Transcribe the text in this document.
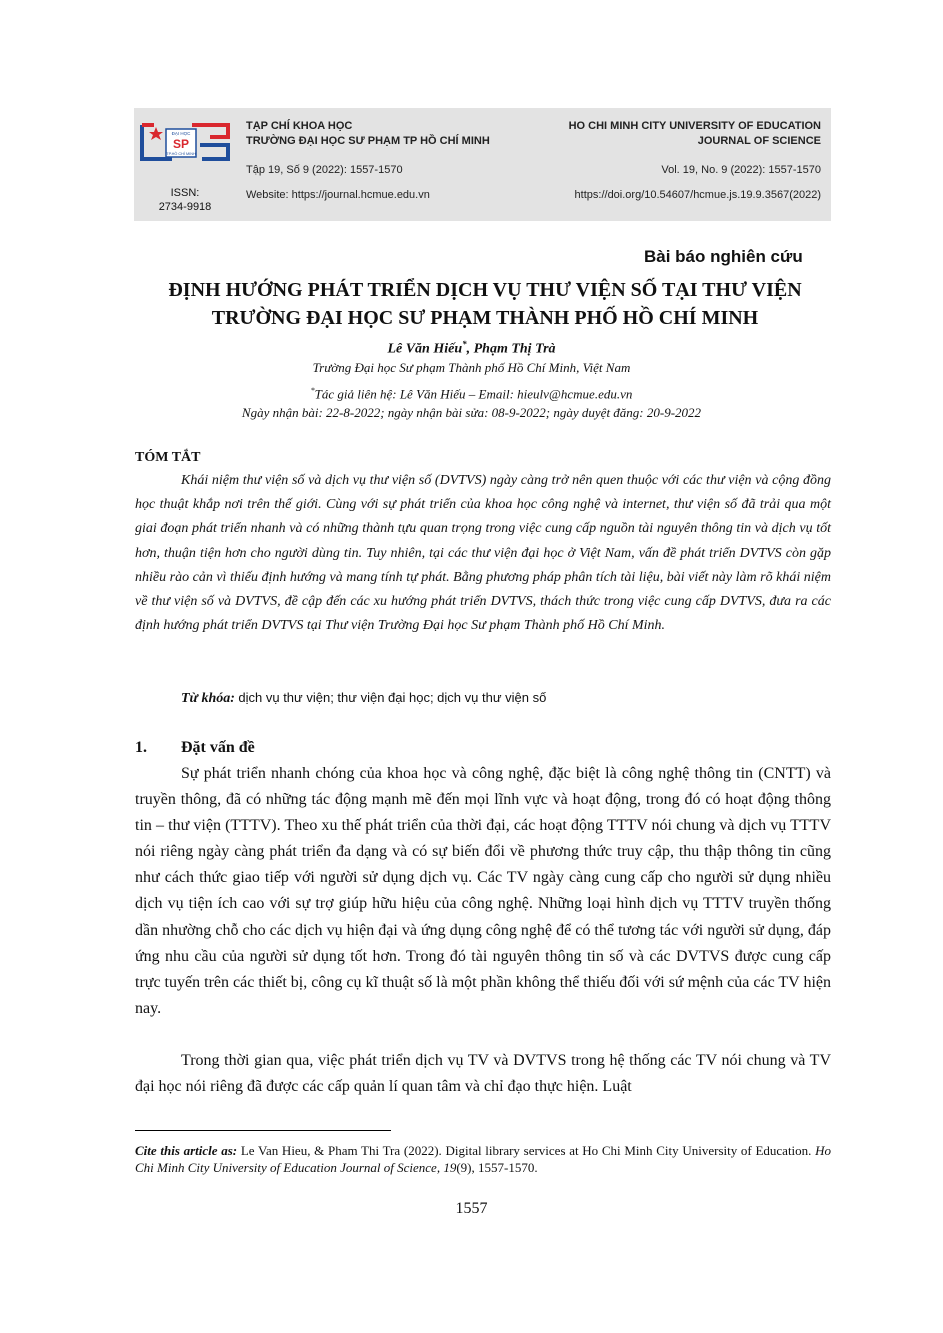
ĐẠI HỌC
SP
TP.HỒ CHÍ MINH
ISSN:
2734-9918
TẠP CHÍ KHOA HỌC
TRƯỜNG ĐẠI HỌC SƯ PHẠM TP HỒ CHÍ MINH
Tập 19, Số 9 (2022): 1557-1570
Website: https://journal.hcmue.edu.vn
HO CHI MINH CITY UNIVERSITY OF EDUCATION
JOURNAL OF SCIENCE
Vol. 19, No. 9 (2022): 1557-1570
https://doi.org/10.54607/hcmue.js.19.9.3567(2022)
Bài báo nghiên cứu
ĐỊNH HƯỚNG PHÁT TRIỂN DỊCH VỤ THƯ VIỆN SỐ TẠI THƯ VIỆN
TRƯỜNG ĐẠI HỌC SƯ PHẠM THÀNH PHỐ HỒ CHÍ MINH
Lê Văn Hiếu*, Phạm Thị Trà
Trường Đại học Sư phạm Thành phố Hồ Chí Minh, Việt Nam
*Tác giả liên hệ: Lê Văn Hiếu – Email: hieulv@hcmue.edu.vn
Ngày nhận bài: 22-8-2022; ngày nhận bài sửa: 08-9-2022; ngày duyệt đăng: 20-9-2022
TÓM TẮT

Khái niệm thư viện số và dịch vụ thư viện số (DVTVS) ngày càng trở nên quen thuộc với các thư viện và cộng đồng học thuật khắp nơi trên thế giới. Cùng với sự phát triển của khoa học công nghệ và internet, thư viện số đã trải qua một giai đoạn phát triển nhanh và có những thành tựu quan trọng trong việc cung cấp nguồn tài nguyên thông tin và dịch vụ tốt hơn, thuận tiện hơn cho người dùng tin. Tuy nhiên, tại các thư viện đại học ở Việt Nam, vấn đề phát triển DVTVS còn gặp nhiều rào cản vì thiếu định hướng và mang tính tự phát. Bằng phương pháp phân tích tài liệu, bài viết này làm rõ khái niệm về thư viện số và DVTVS, đề cập đến các xu hướng phát triển DVTVS, thách thức trong việc cung cấp DVTVS, đưa ra các định hướng phát triển DVTVS tại Thư viện Trường Đại học Sư phạm Thành phố Hồ Chí Minh.

Từ khóa: dịch vụ thư viện; thư viện đại học; dịch vụ thư viện số
1. Đặt vấn đề

Sự phát triển nhanh chóng của khoa học và công nghệ, đặc biệt là công nghệ thông tin (CNTT) và truyền thông, đã có những tác động mạnh mẽ đến mọi lĩnh vực và hoạt động, trong đó có hoạt động thông tin – thư viện (TTTV). Theo xu thế phát triển của thời đại, các hoạt động TTTV nói chung và dịch vụ TTTV nói riêng ngày càng phát triển đa dạng và có sự biến đổi về phương thức truy cập, thu thập thông tin cũng như cách thức giao tiếp với người sử dụng dịch vụ. Các TV ngày càng cung cấp cho người sử dụng nhiều dịch vụ tiện ích cao với sự trợ giúp hữu hiệu của công nghệ. Những loại hình dịch vụ TTTV truyền thống dần nhường chỗ cho các dịch vụ hiện đại và ứng dụng công nghệ để có thể tương tác với người sử dụng, đáp ứng nhu cầu của người sử dụng tốt hơn. Trong đó tài nguyên thông tin số và các DVTVS được cung cấp trực tuyến trên các thiết bị, công cụ kĩ thuật số là một phần không thể thiếu đối với sứ mệnh của các TV hiện nay.

Trong thời gian qua, việc phát triển dịch vụ TV và DVTVS trong hệ thống các TV nói chung và TV đại học nói riêng đã được các cấp quản lí quan tâm và chỉ đạo thực hiện. Luật

Cite this article as: Le Van Hieu, & Pham Thi Tra (2022). Digital library services at Ho Chi Minh City University of Education. Ho Chi Minh City University of Education Journal of Science, 19(9), 1557-1570.

1557
